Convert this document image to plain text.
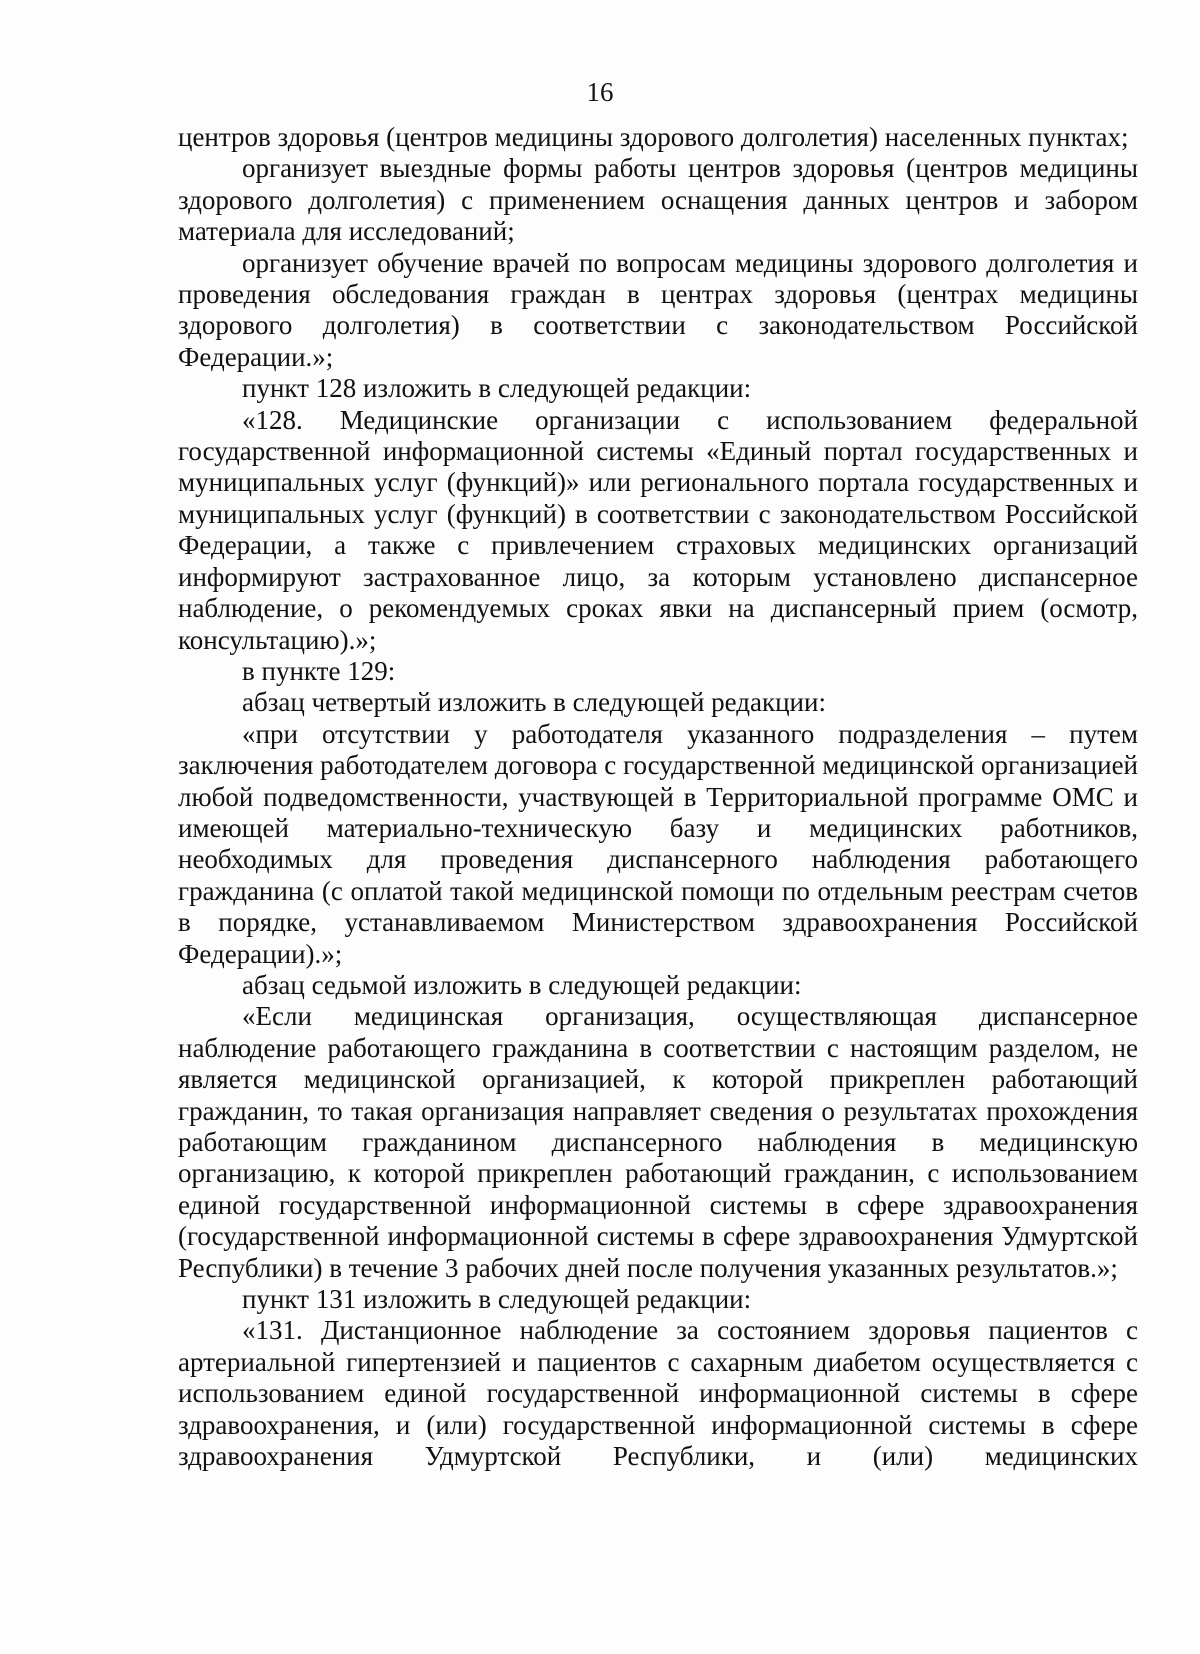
16

центров здоровья (центров медицины здорового долголетия) населенных пунктах;

организует выездные формы работы центров здоровья (центров медицины здорового долголетия) с применением оснащения данных центров и забором материала для исследований;

организует обучение врачей по вопросам медицины здорового долголетия и проведения обследования граждан в центрах здоровья (центрах медицины здорового долголетия) в соответствии с законодательством Российской Федерации.»;

пункт 128 изложить в следующей редакции:

«128. Медицинские организации с использованием федеральной государственной информационной системы «Единый портал государственных и муниципальных услуг (функций)» или регионального портала государственных и муниципальных услуг (функций) в соответствии с законодательством Российской Федерации, а также с привлечением страховых медицинских организаций информируют застрахованное лицо, за которым установлено диспансерное наблюдение, о рекомендуемых сроках явки на диспансерный прием (осмотр, консультацию).»;

в пункте 129:

абзац четвертый изложить в следующей редакции:

«при отсутствии у работодателя указанного подразделения – путем заключения работодателем договора с государственной медицинской организацией любой подведомственности, участвующей в Территориальной программе ОМС и имеющей материально-техническую базу и медицинских работников, необходимых для проведения диспансерного наблюдения работающего гражданина (с оплатой такой медицинской помощи по отдельным реестрам счетов в порядке, устанавливаемом Министерством здравоохранения Российской Федерации).»;

абзац седьмой изложить в следующей редакции:

«Если медицинская организация, осуществляющая диспансерное наблюдение работающего гражданина в соответствии с настоящим разделом, не является медицинской организацией, к которой прикреплен работающий гражданин, то такая организация направляет сведения о результатах прохождения работающим гражданином диспансерного наблюдения в медицинскую организацию, к которой прикреплен работающий гражданин, с использованием единой государственной информационной системы в сфере здравоохранения (государственной информационной системы в сфере здравоохранения Удмуртской Республики) в течение 3 рабочих дней после получения указанных результатов.»;

пункт 131 изложить в следующей редакции:

«131. Дистанционное наблюдение за состоянием здоровья пациентов с артериальной гипертензией и пациентов с сахарным диабетом осуществляется с использованием единой государственной информационной системы в сфере здравоохранения, и (или) государственной информационной системы в сфере здравоохранения Удмуртской Республики, и (или) медицинских
